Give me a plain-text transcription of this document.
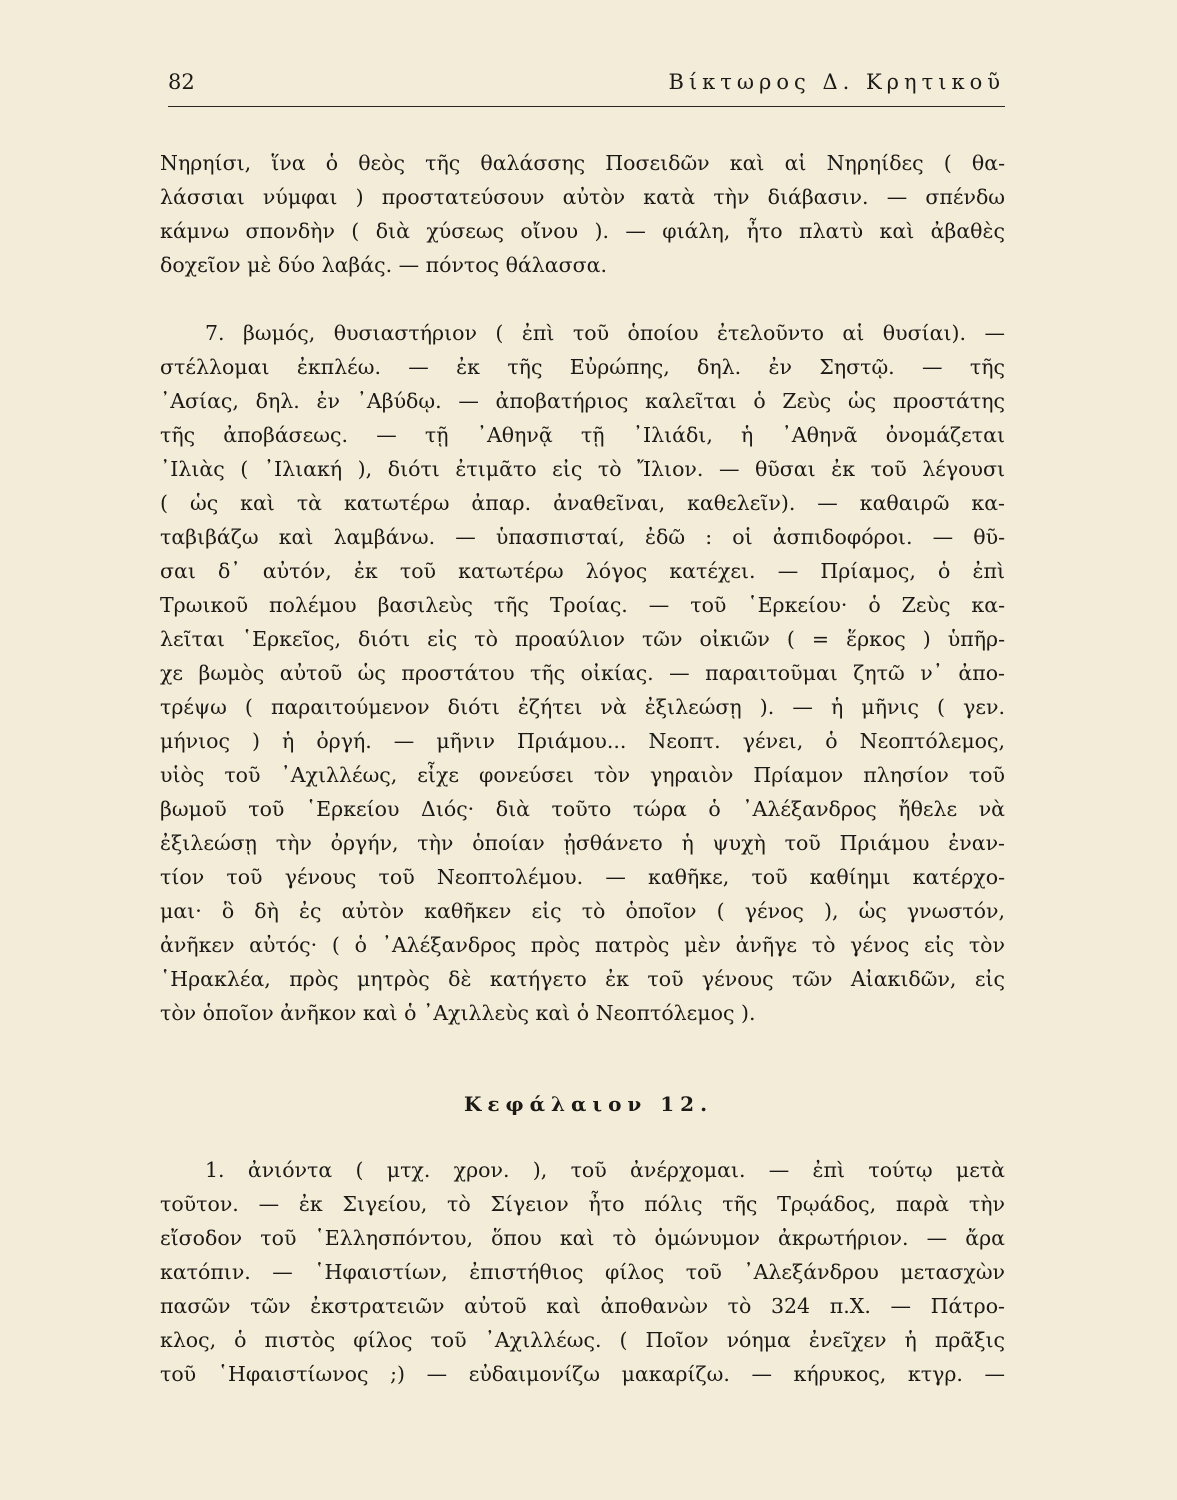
82	Βίκτωρος Δ. Κρητικοῦ
Νηρηίσι, ἵνα ὁ θεὸς τῆς θαλάσσης Ποσειδῶν καὶ αἱ Νηρηίδες ( θα-
λάσσιαι νύμφαι ) προστατεύσουν αὐτὸν κατὰ τὴν διάβασιν. — σπένδω
κάμνω σπονδὴν ( διὰ χύσεως οἴνου ). — φιάλη, ἦτο πλατὺ καὶ ἀβαθὲς
δοχεῖον μὲ δύο λαβάς. — πόντος θάλασσα.
7. βωμός, θυσιαστήριον ( ἐπὶ τοῦ ὁποίου ἐτελοῦντο αἱ θυσίαι). —
στέλλομαι ἐκπλέω. — ἐκ τῆς Εὐρώπης, δηλ. ἐν Σηστῷ. — τῆς
᾿Ασίας, δηλ. ἐν ᾿Αβύδῳ. — ἀποβατήριος καλεῖται ὁ Ζεὺς ὡς προστάτης
τῆς ἀποβάσεως. — τῇ ᾿Αθηνᾷ τῇ ᾿Ιλιάδι, ἡ ᾿Αθηνᾶ ὀνομάζεται
᾿Ιλιὰς ( ᾿Ιλιακή ), διότι ἐτιμᾶτο εἰς τὸ Ἴλιον. — θῦσαι ἐκ τοῦ λέγουσι
( ὡς καὶ τὰ κατωτέρω ἀπαρ. ἀναθεῖναι, καθελεῖν). — καθαιρῶ κα-
ταβιβάζω καὶ λαμβάνω. — ὑπασπισταί, ἐδῶ : οἱ ἀσπιδοφόροι. — θῦ-
σαι δ᾿ αὐτόν, ἐκ τοῦ κατωτέρω λόγος κατέχει. — Πρίαμος, ὁ ἐπὶ
Τρωικοῦ πολέμου βασιλεὺς τῆς Τροίας. — τοῦ ῾Ερκείου· ὁ Ζεὺς κα-
λεῖται ῾Ερκεῖος, διότι εἰς τὸ προαύλιον τῶν οἰκιῶν ( = ἕρκος ) ὑπῆρ-
χε βωμὸς αὐτοῦ ὡς προστάτου τῆς οἰκίας. — παραιτοῦμαι ζητῶ ν᾿ ἀπο-
τρέψω ( παραιτούμενον διότι ἐζήτει νὰ ἐξιλεώσῃ ). — ἡ μῆνις ( γεν.
μήνιος ) ἡ ὀργή. — μῆνιν Πριάμου... Νεοπτ. γένει, ὁ Νεοπτόλεμος,
υἱὸς τοῦ ᾿Αχιλλέως, εἶχε φονεύσει τὸν γηραιὸν Πρίαμον πλησίον τοῦ
βωμοῦ τοῦ ῾Ερκείου Διός· διὰ τοῦτο τώρα ὁ ᾿Αλέξανδρος ἤθελε νὰ
ἐξιλεώσῃ τὴν ὀργήν, τὴν ὁποίαν ᾐσθάνετο ἡ ψυχὴ τοῦ Πριάμου ἐναν-
τίον τοῦ γένους τοῦ Νεοπτολέμου. — καθῆκε, τοῦ καθίημι κατέρχο-
μαι· ὃ δὴ ἐς αὐτὸν καθῆκεν εἰς τὸ ὁποῖον ( γένος ), ὡς γνωστόν,
ἀνῆκεν αὐτός· ( ὁ ᾿Αλέξανδρος πρὸς πατρὸς μὲν ἀνῆγε τὸ γένος εἰς τὸν
῾Ηρακλέα, πρὸς μητρὸς δὲ κατήγετο ἐκ τοῦ γένους τῶν Αἰακιδῶν, εἰς
τὸν ὁποῖον ἀνῆκον καὶ ὁ ᾿Αχιλλεὺς καὶ ὁ Νεοπτόλεμος ).
Κεφάλαιον 12.
1. ἀνιόντα ( μτχ. χρον. ), τοῦ ἀνέρχομαι. — ἐπὶ τούτῳ μετὰ
τοῦτον. — ἐκ Σιγείου, τὸ Σίγειον ἦτο πόλις τῆς Τρῳάδος, παρὰ τὴν
εἴσοδον τοῦ ῾Ελλησπόντου, ὅπου καὶ τὸ ὁμώνυμον ἀκρωτήριον. — ἄρα
κατόπιν. — ῾Ηφαιστίων, ἐπιστήθιος φίλος τοῦ ᾿Αλεξάνδρου μετασχὼν
πασῶν τῶν ἐκστρατειῶν αὐτοῦ καὶ ἀποθανὼν τὸ 324 π.Χ. — Πάτρο-
κλος, ὁ πιστὸς φίλος τοῦ ᾿Αχιλλέως. ( Ποῖον νόημα ἐνεῖχεν ἡ πρᾶξις
τοῦ ῾Ηφαιστίωνος ;) — εὐδαιμονίζω μακαρίζω. — κήρυκος, κτγρ. —
